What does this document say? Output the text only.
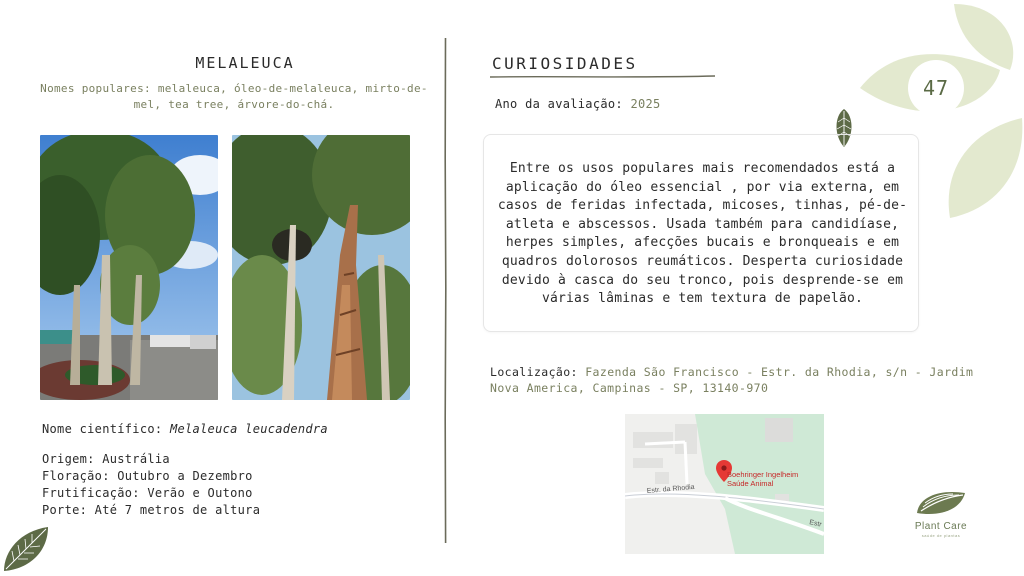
MELALEUCA
Nomes populares: melaleuca, óleo-de-melaleuca, mirto-de-mel, tea tree, árvore-do-chá.
Nome científico: Melaleuca leucadendra
Origem: Austrália
Floração: Outubro a Dezembro
Frutificação: Verão e Outono
Porte: Até 7 metros de altura
CURIOSIDADES
Ano da avaliação: 2025
Entre os usos populares mais recomendados está a aplicação do óleo essencial , por via externa, em casos de feridas infectada, micoses, tinhas, pé-de-atleta e abscessos. Usada também para candidíase, herpes simples, afecções bucais e bronqueais e em quadros dolorosos reumáticos. Desperta curiosidade devido à casca do seu tronco, pois desprende-se em várias lâminas e tem textura de papelão.
Localização: Fazenda São Francisco - Estr. da Rhodia, s/n - Jardim Nova America, Campinas - SP, 13140-970
Estr. da Rhodia
Estr
Boehringer Ingelheim
Saúde Animal
47
Plant Care
saúde de plantas
